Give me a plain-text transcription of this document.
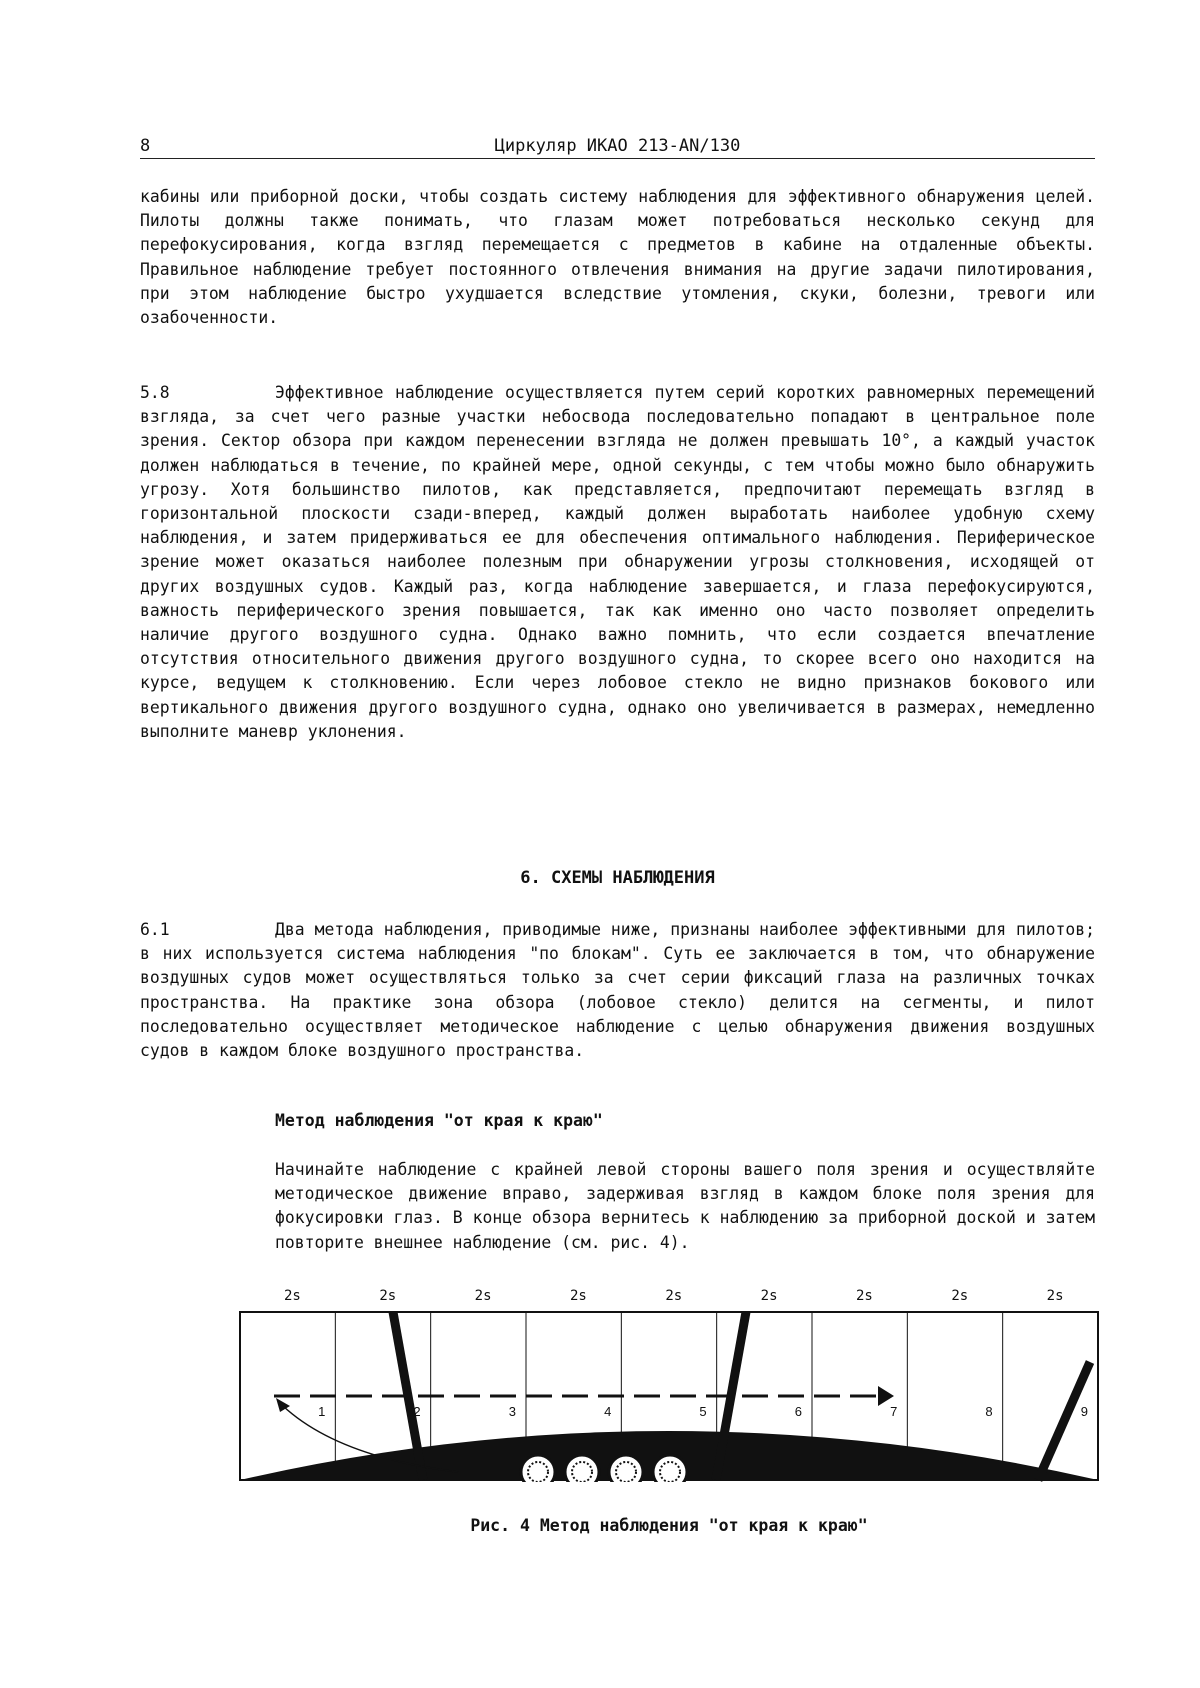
8	Циркуляр ИКАО 213-AN/130

кабины или приборной доски, чтобы создать систему наблюдения для эффективного обнаружения целей. Пилоты должны также понимать, что глазам может потребоваться несколько секунд для перефокусирования, когда взгляд перемещается с предметов в кабине на отдаленные объекты. Правильное наблюдение требует постоянного отвлечения внимания на другие задачи пилотирования, при этом наблюдение быстро ухудшается вследствие утомления, скуки, болезни, тревоги или озабоченности.

5.8	Эффективное наблюдение осуществляется путем серий коротких равномерных перемещений взгляда, за счет чего разные участки небосвода последовательно попадают в центральное поле зрения. Сектор обзора при каждом перенесении взгляда не должен превышать 10°, а каждый участок должен наблюдаться в течение, по крайней мере, одной секунды, с тем чтобы можно было обнаружить угрозу. Хотя большинство пилотов, как представляется, предпочитают перемещать взгляд в горизонтальной плоскости сзади-вперед, каждый должен выработать наиболее удобную схему наблюдения, и затем придерживаться ее для обеспечения оптимального наблюдения. Периферическое зрение может оказаться наиболее полезным при обнаружении угрозы столкновения, исходящей от других воздушных судов. Каждый раз, когда наблюдение завершается, и глаза перефокусируются, важность периферического зрения повышается, так как именно оно часто позволяет определить наличие другого воздушного судна. Однако важно помнить, что если создается впечатление отсутствия относительного движения другого воздушного судна, то скорее всего оно находится на курсе, ведущем к столкновению. Если через лобовое стекло не видно признаков бокового или вертикального движения другого воздушного судна, однако оно увеличивается в размерах, немедленно выполните маневр уклонения.

6. СХЕМЫ НАБЛЮДЕНИЯ

6.1	Два метода наблюдения, приводимые ниже, признаны наиболее эффективными для пилотов; в них используется система наблюдения "по блокам". Суть ее заключается в том, что обнаружение воздушных судов может осуществляться только за счет серии фиксаций глаза на различных точках пространства. На практике зона обзора (лобовое стекло) делится на сегменты, и пилот последовательно осуществляет методическое наблюдение с целью обнаружения движения воздушных судов в каждом блоке воздушного пространства.

Метод наблюдения "от края к краю"

Начинайте наблюдение с крайней левой стороны вашего поля зрения и осуществляйте методическое движение вправо, задерживая взгляд в каждом блоке поля зрения для фокусировки глаз. В конце обзора вернитесь к наблюдению за приборной доской и затем повторите внешнее наблюдение (см. рис. 4).

2s	2s	2s	2s	2s	2s	2s	2s	2s
1	2	3	4	5	6	7	8	9
Рис. 4 Метод наблюдения "от края к краю"
